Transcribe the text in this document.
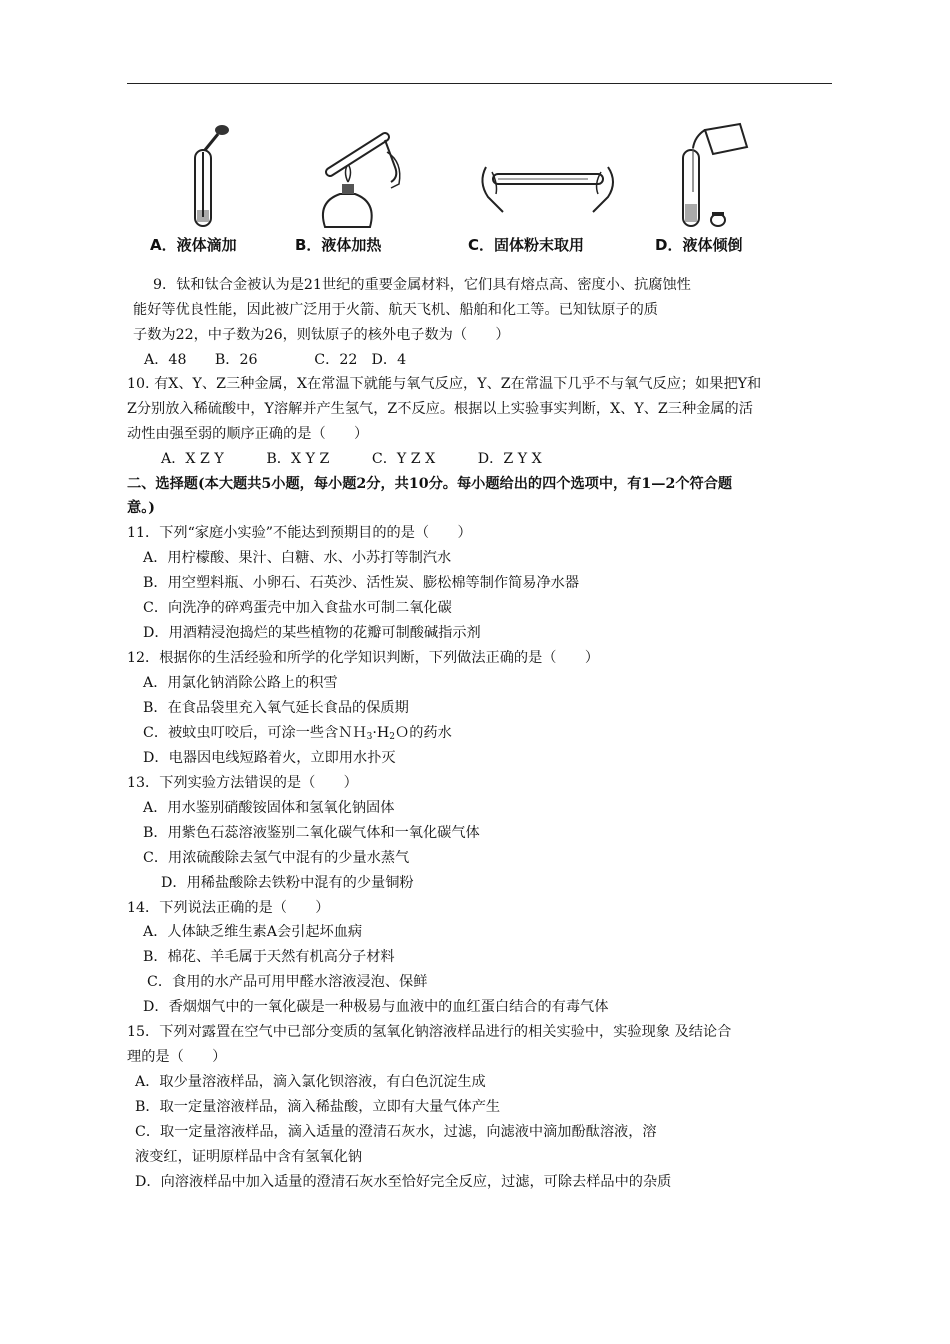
A．液体滴加	B．液体加热	C．固体粉末取用	D．液体倾倒
9．钛和钛合金被认为是21世纪的重要金属材料，它们具有熔点高、密度小、抗腐蚀性
能好等优良性能，因此被广泛用于火箭、航天飞机、船舶和化工等。已知钛原子的质
子数为22，中子数为26，则钛原子的核外电子数为（　　）
A．48　　B．26　　　　C．22　D．4
10. 有X、Y、Z三种金属，X在常温下就能与氧气反应，Y、Z在常温下几乎不与氧气反应；如果把Y和
Z分别放入稀硫酸中，Y溶解并产生氢气，Z不反应。根据以上实验事实判断，X、Y、Z三种金属的活
动性由强至弱的顺序正确的是（　　）
A．X Z Y　　　B．X Y Z　　　C．Y Z X　　　D．Z Y X
二、选择题(本大题共5小题，每小题2分，共10分。每小题给出的四个选项中，有1—2个符合题
意。)
11．下列“家庭小实验”不能达到预期目的的是（　　）
A．用柠檬酸、果汁、白糖、水、小苏打等制汽水
B．用空塑料瓶、小卵石、石英沙、活性炭、膨松棉等制作简易净水器
C．向洗净的碎鸡蛋壳中加入食盐水可制二氧化碳
D．用酒精浸泡捣烂的某些植物的花瓣可制酸碱指示剂
12．根据你的生活经验和所学的化学知识判断，下列做法正确的是（　　）
A．用氯化钠消除公路上的积雪
B．在食品袋里充入氧气延长食品的保质期
C．被蚊虫叮咬后，可涂一些含$NH_3\cdot H_2O$的药水
D．电器因电线短路着火，立即用水扑灭
13．下列实验方法错误的是（　　）
A．用水鉴别硝酸铵固体和氢氧化钠固体
B．用紫色石蕊溶液鉴别二氧化碳气体和一氧化碳气体
C．用浓硫酸除去氢气中混有的少量水蒸气
D．用稀盐酸除去铁粉中混有的少量铜粉
14．下列说法正确的是（　　）
A．人体缺乏维生素A会引起坏血病
B．棉花、羊毛属于天然有机高分子材料
C．食用的水产品可用甲醛水溶液浸泡、保鲜
D．香烟烟气中的一氧化碳是一种极易与血液中的血红蛋白结合的有毒气体
15．下列对露置在空气中已部分变质的氢氧化钠溶液样品进行的相关实验中，实验现象 及结论合
理的是（　　）
A．取少量溶液样品，滴入氯化钡溶液，有白色沉淀生成
B．取一定量溶液样品，滴入稀盐酸，立即有大量气体产生
C．取一定量溶液样品，滴入适量的澄清石灰水，过滤，向滤液中滴加酚酞溶液，溶
液变红，证明原样品中含有氢氧化钠
D．向溶液样品中加入适量的澄清石灰水至恰好完全反应，过滤，可除去样品中的杂质
